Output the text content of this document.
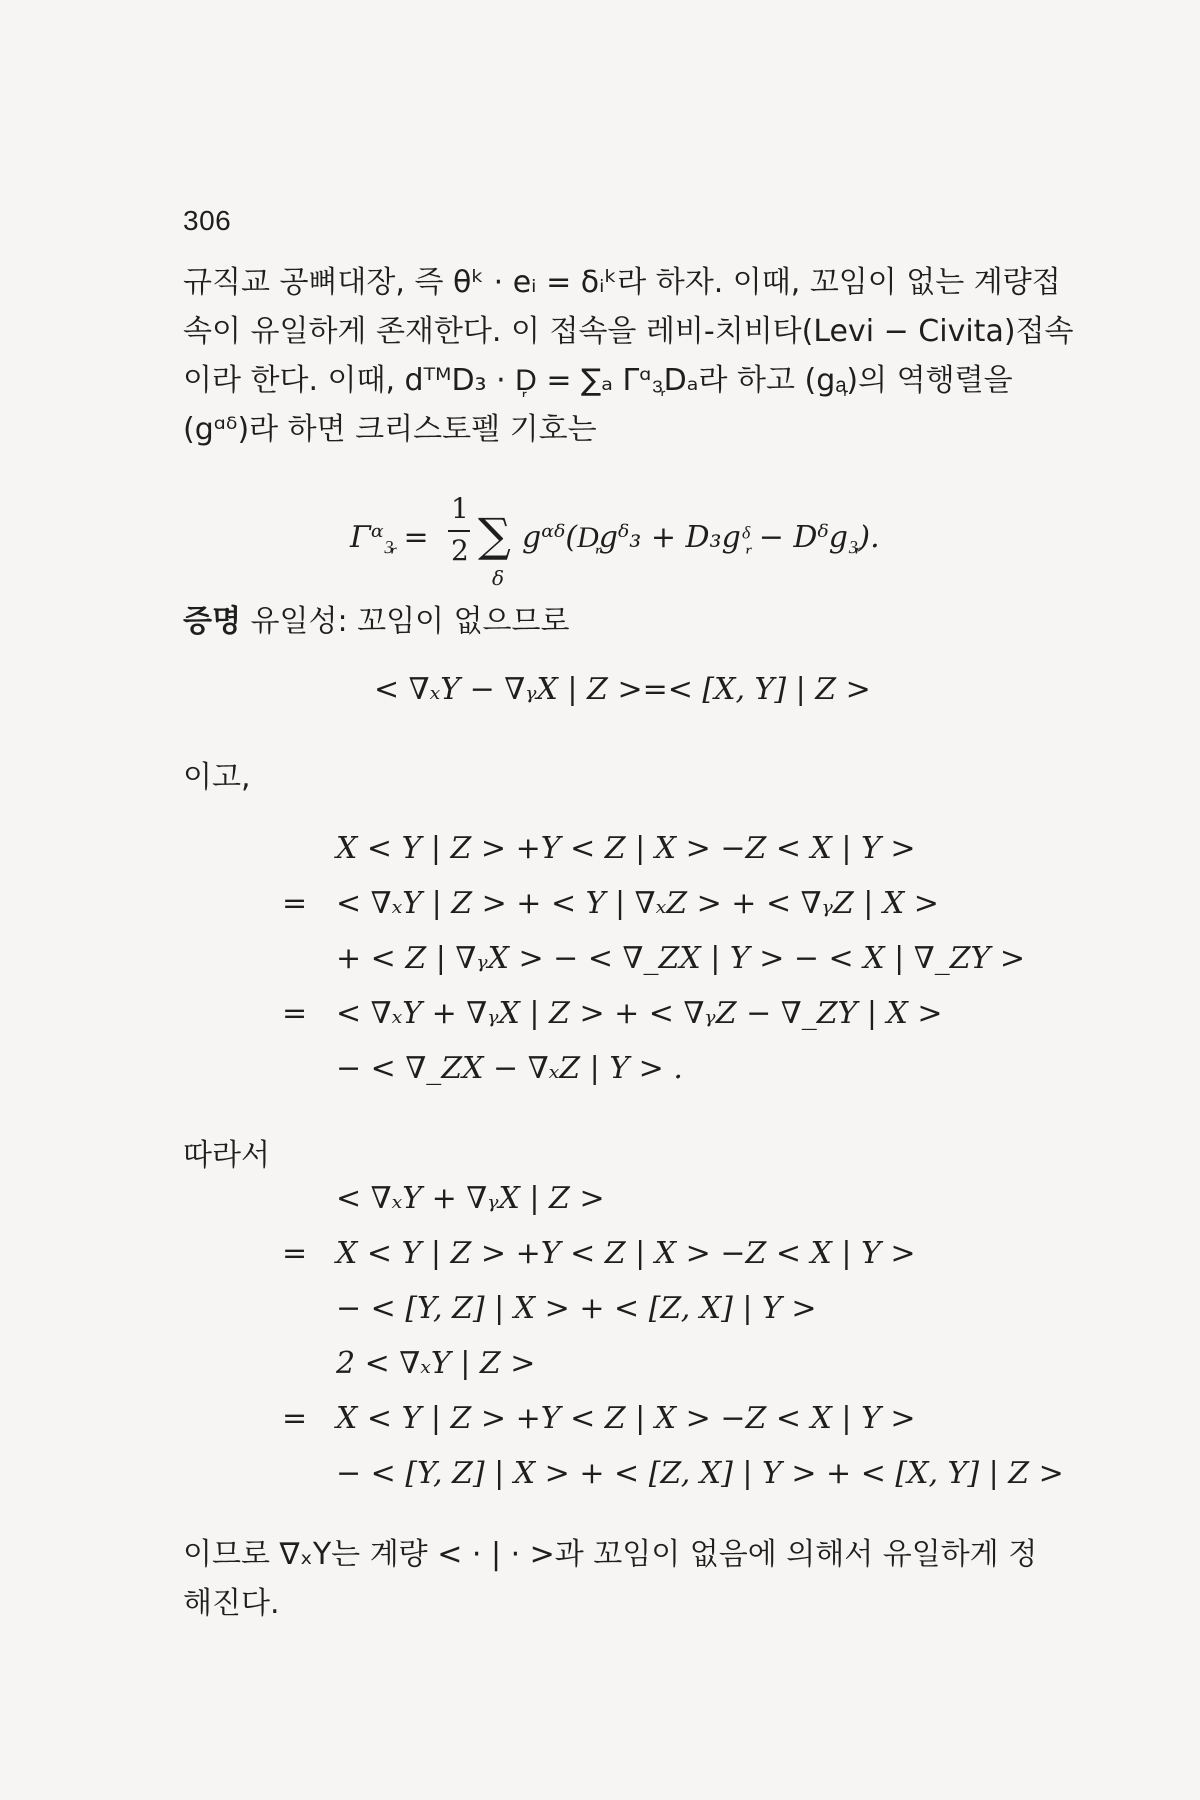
306
규직교 공뼈대장, 즉 θᵏ · eᵢ = δᵢᵏ라 하자. 이때, 꼬임이 없는 계량접
속이 유일하게 존재한다. 이 접속을 레비-치비타(Levi − Civita)접속
이라 한다. 이때, dᵀᴹD₃ · D᷊ = ∑ₐ Γᵅ₃᷊Dₐ라 하고 (gₐ᷊)의 역행렬을
(gᵅᵟ)라 하면 크리스토펠 기호는
Γᵅ₃᷊ =
1
2 ∑
δ
gᵅᵟ(D᷊gᵟ₃ + D₃gᵟ᷊ − Dᵟg₃᷊).
증명 유일성: 꼬임이 없으므로
< ∇ₓY − ∇ᵧX | Z >=< [X, Y] | Z >
이고,
X < Y | Z > +Y < Z | X > −Z < X | Y >
= < ∇ₓY | Z > + < Y | ∇ₓZ > + < ∇ᵧZ | X >
+ < Z | ∇ᵧX > − < ∇_ZX | Y > − < X | ∇_ZY >
= < ∇ₓY + ∇ᵧX | Z > + < ∇ᵧZ − ∇_ZY | X >
− < ∇_ZX − ∇ₓZ | Y > .
따라서
< ∇ₓY + ∇ᵧX | Z >
= X < Y | Z > +Y < Z | X > −Z < X | Y >
− < [Y, Z] | X > + < [Z, X] | Y >
2 < ∇ₓY | Z >
= X < Y | Z > +Y < Z | X > −Z < X | Y >
− < [Y, Z] | X > + < [Z, X] | Y > + < [X, Y] | Z >
이므로 ∇ₓY는 계량 < · | · >과 꼬임이 없음에 의해서 유일하게 정
해진다.
